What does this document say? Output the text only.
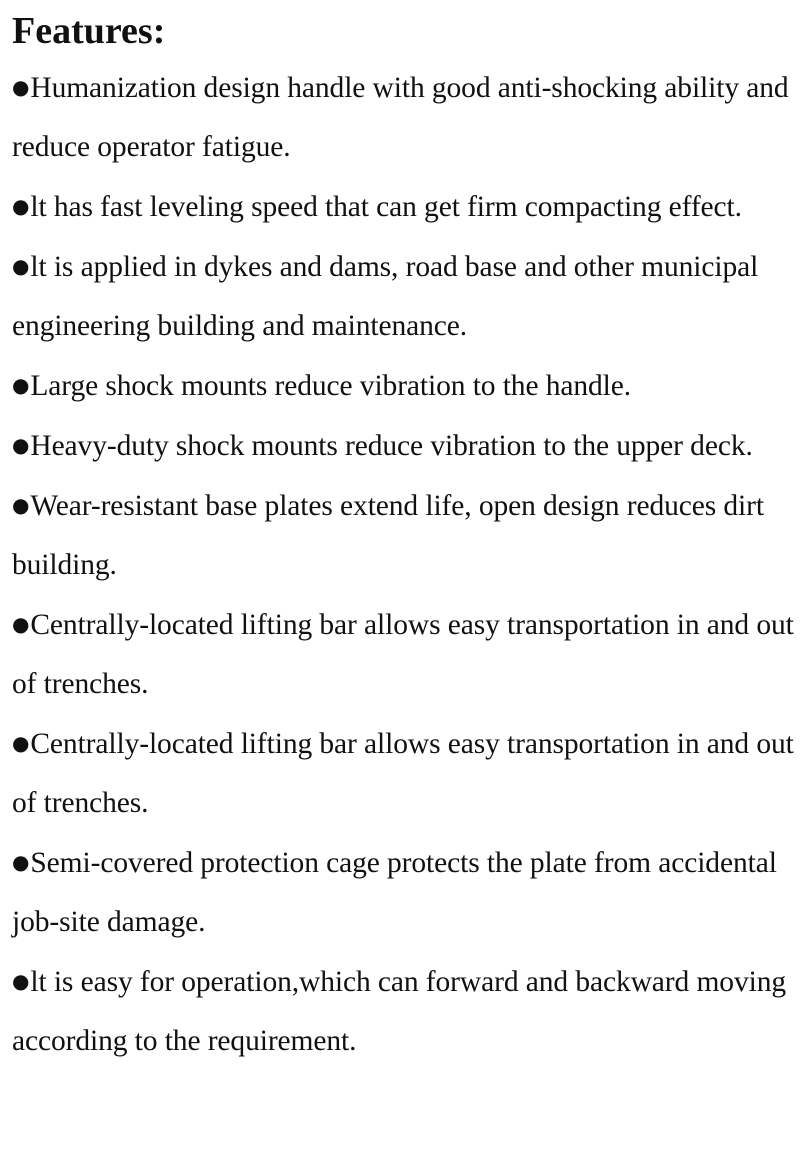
Features:
●Humanization design handle with good anti-shocking ability and reduce operator fatigue.
●lt has fast leveling speed that can get firm compacting effect.
●lt is applied in dykes and dams, road base and other municipal engineering building and maintenance.
●Large shock mounts reduce vibration to the handle.
●Heavy-duty shock mounts reduce vibration to the upper deck.
●Wear-resistant base plates extend life, open design reduces dirt building.
●Centrally-located lifting bar allows easy transportation in and out of trenches.
●Centrally-located lifting bar allows easy transportation in and out of trenches.
●Semi-covered protection cage protects the plate from accidental job-site damage.
●lt is easy for operation,which can forward and backward moving according to the requirement.
